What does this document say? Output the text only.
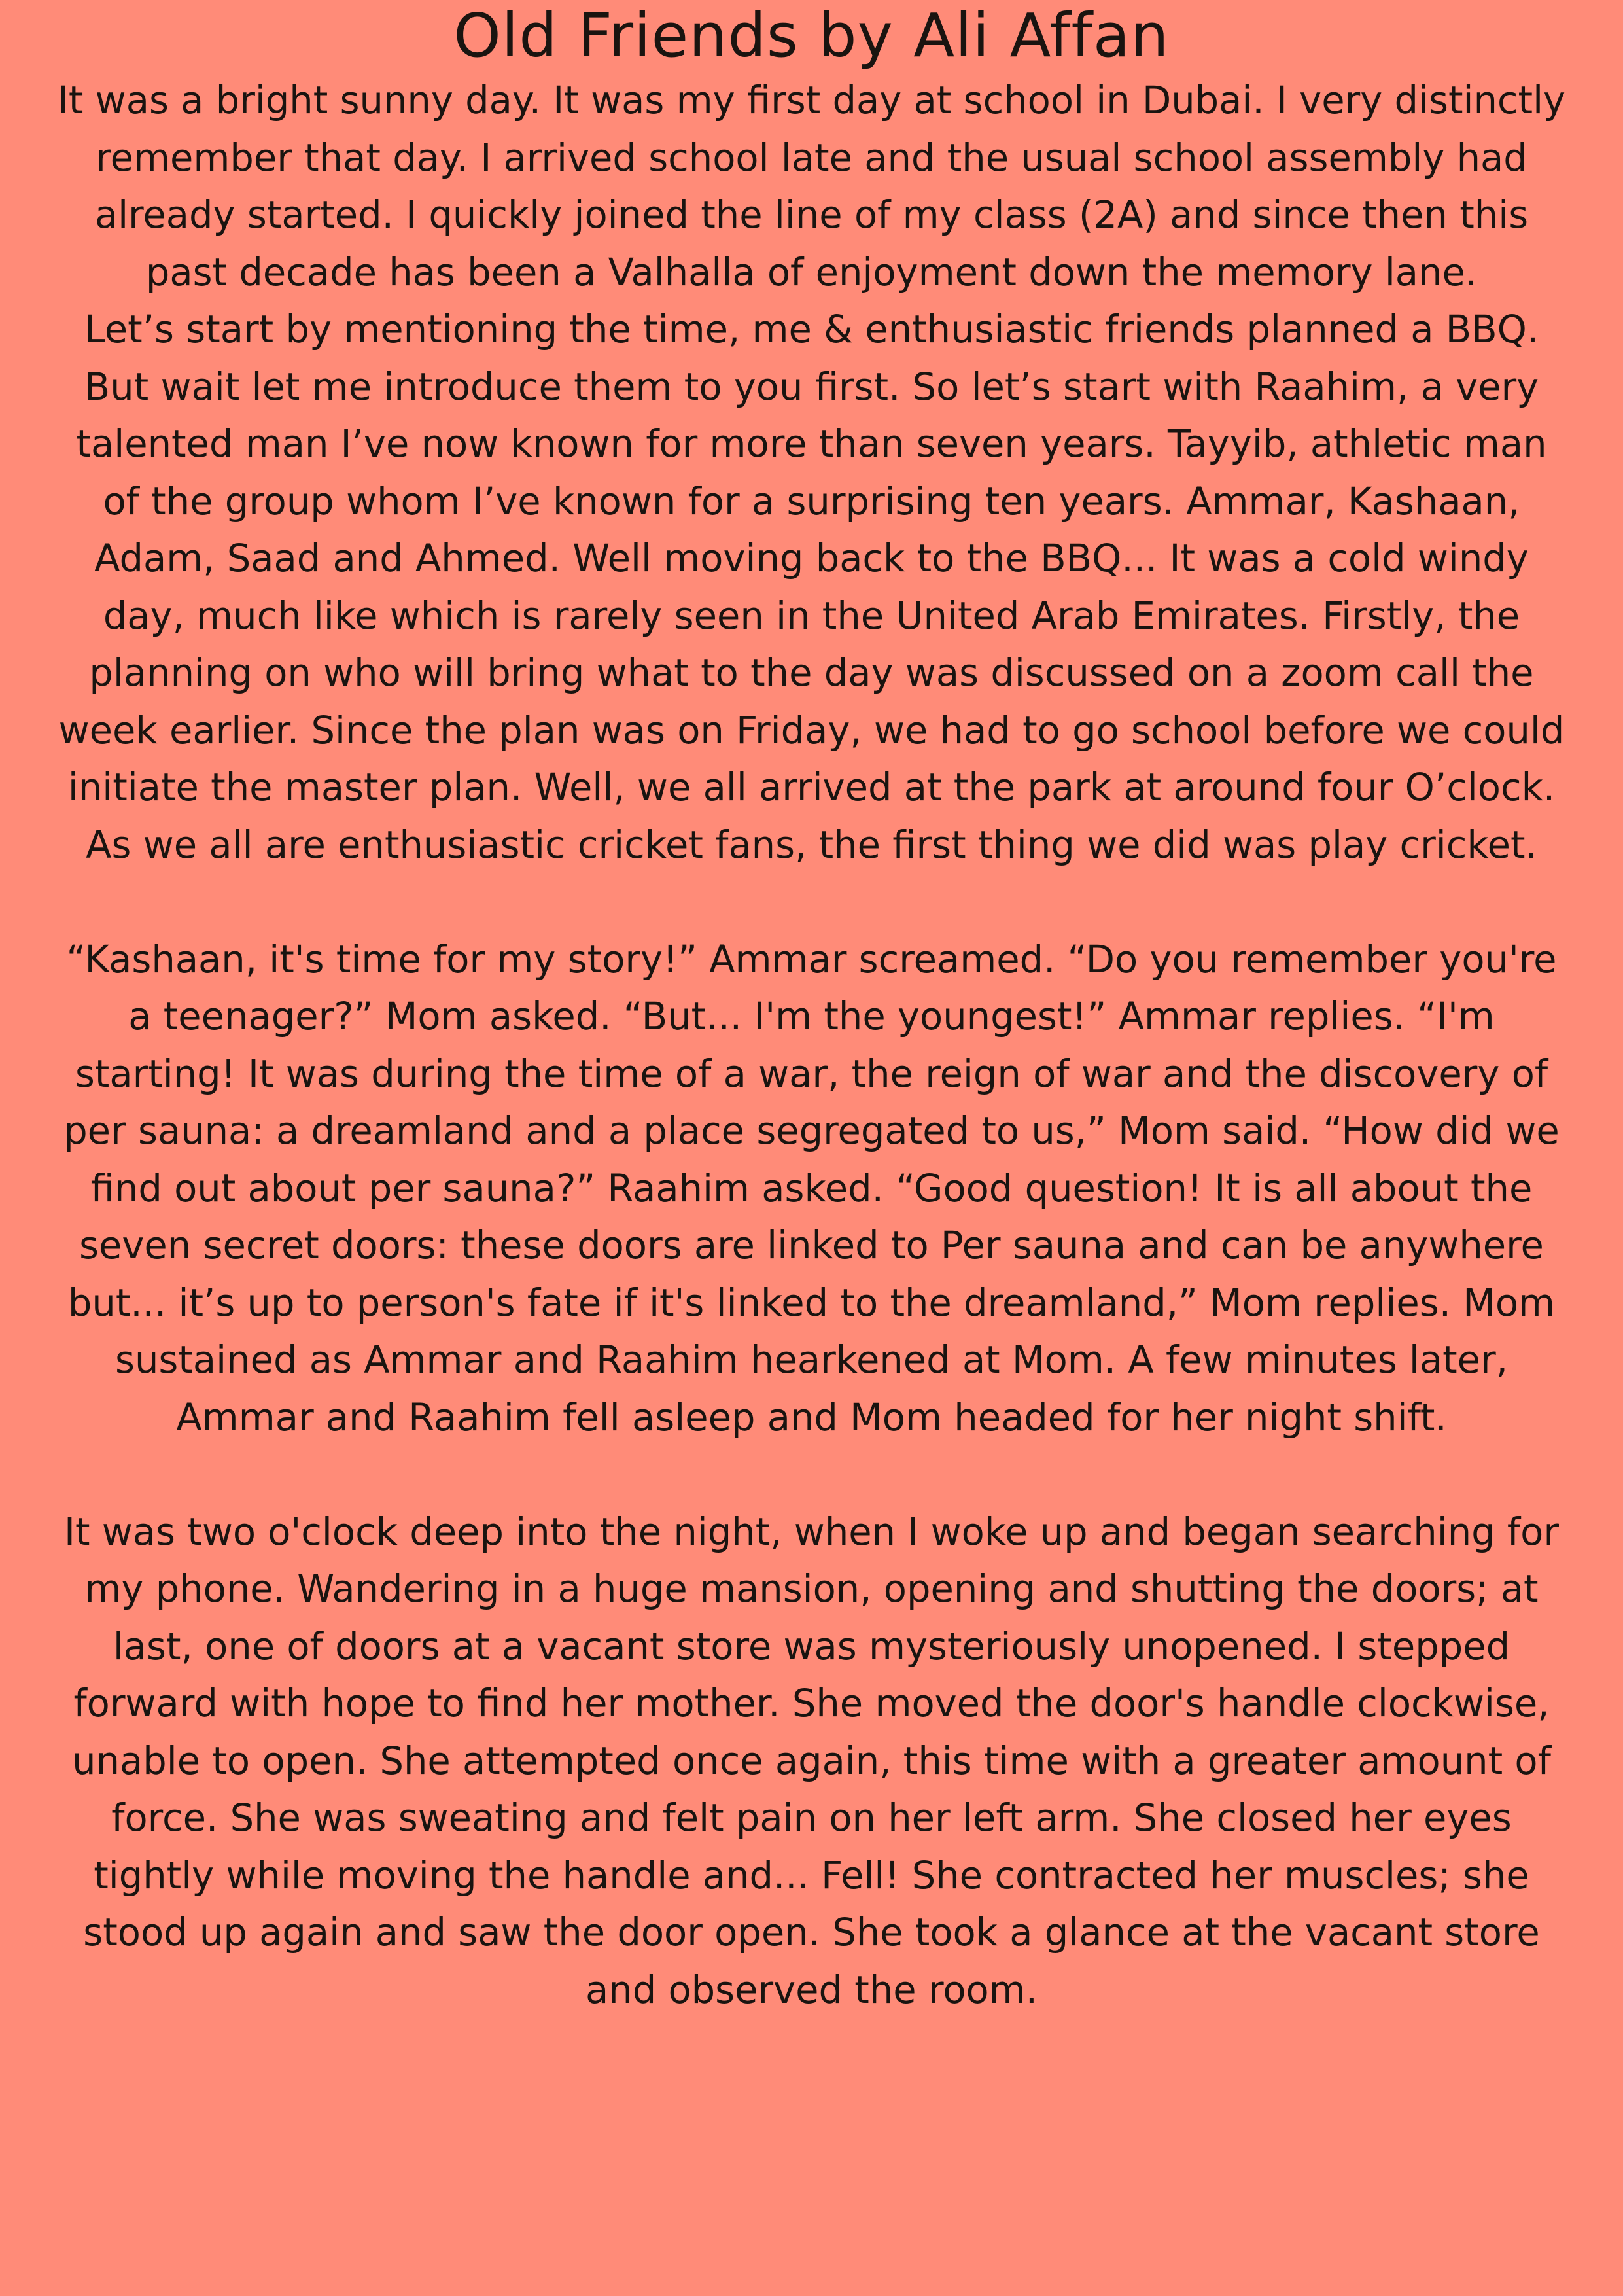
Old Friends by Ali Affan

It was a bright sunny day. It was my first day at school in Dubai. I very distinctly remember that day. I arrived school late and the usual school assembly had already started. I quickly joined the line of my class (2A) and since then this past decade has been a Valhalla of enjoyment down the memory lane.

Let’s start by mentioning the time, me & enthusiastic friends planned a BBQ. But wait let me introduce them to you first. So let’s start with Raahim, a very talented man I’ve now known for more than seven years. Tayyib, athletic man of the group whom I’ve known for a surprising ten years. Ammar, Kashaan, Adam, Saad and Ahmed. Well moving back to the BBQ... It was a cold windy day, much like which is rarely seen in the United Arab Emirates. Firstly, the planning on who will bring what to the day was discussed on a zoom call the week earlier. Since the plan was on Friday, we had to go school before we could initiate the master plan. Well, we all arrived at the park at around four O’clock. As we all are enthusiastic cricket fans, the first thing we did was play cricket.

“Kashaan, it's time for my story!” Ammar screamed. “Do you remember you're a teenager?” Mom asked. “But... I'm the youngest!” Ammar replies. “I'm starting! It was during the time of a war, the reign of war and the discovery of per sauna: a dreamland and a place segregated to us,” Mom said. “How did we find out about per sauna?” Raahim asked. “Good question! It is all about the seven secret doors: these doors are linked to Per sauna and can be anywhere but... it’s up to person's fate if it's linked to the dreamland,” Mom replies. Mom sustained as Ammar and Raahim hearkened at Mom. A few minutes later, Ammar and Raahim fell asleep and Mom headed for her night shift.

It was two o'clock deep into the night, when I woke up and began searching for my phone. Wandering in a huge mansion, opening and shutting the doors; at last, one of doors at a vacant store was mysteriously unopened. I stepped forward with hope to find her mother. She moved the door's handle clockwise, unable to open. She attempted once again, this time with a greater amount of force. She was sweating and felt pain on her left arm. She closed her eyes tightly while moving the handle and... Fell! She contracted her muscles; she stood up again and saw the door open. She took a glance at the vacant store and observed the room.
